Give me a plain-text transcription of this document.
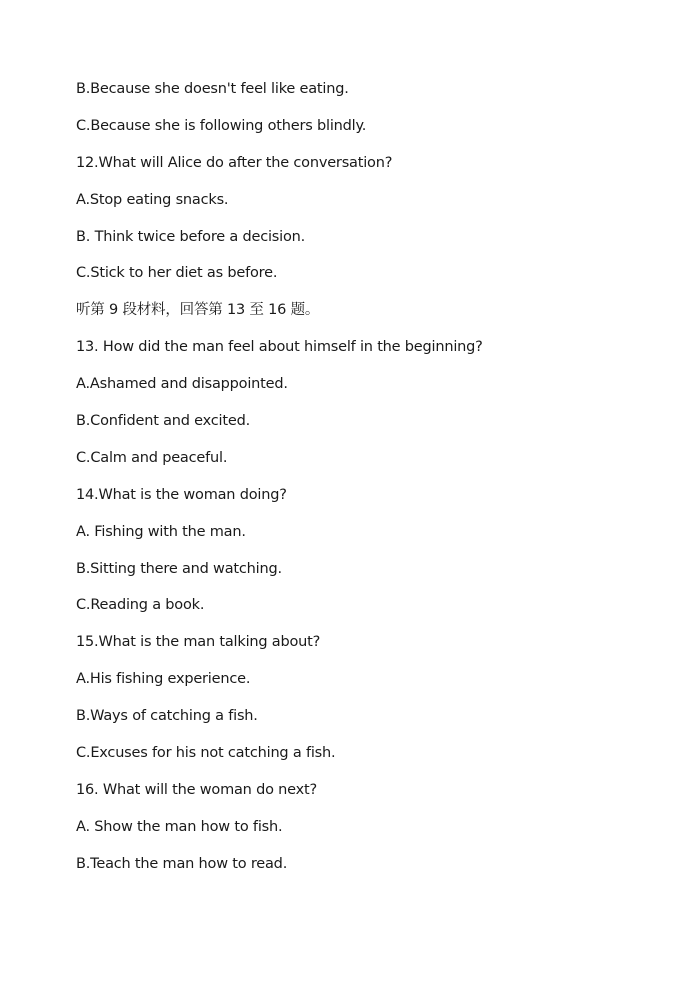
B.Because she doesn't feel like eating.
C.Because she is following others blindly.
12.What will Alice do after the conversation?
A.Stop eating snacks.
B. Think twice before a decision.
C.Stick to her diet as before.
听第 9 段材料，回答第 13 至 16 题。
13. How did the man feel about himself in the beginning?
A.Ashamed and disappointed.
B.Confident and excited.
C.Calm and peaceful.
14.What is the woman doing?
A. Fishing with the man.
B.Sitting there and watching.
C.Reading a book.
15.What is the man talking about?
A.His fishing experience.
B.Ways of catching a fish.
C.Excuses for his not catching a fish.
16. What will the woman do next?
A. Show the man how to fish.
B.Teach the man how to read.
